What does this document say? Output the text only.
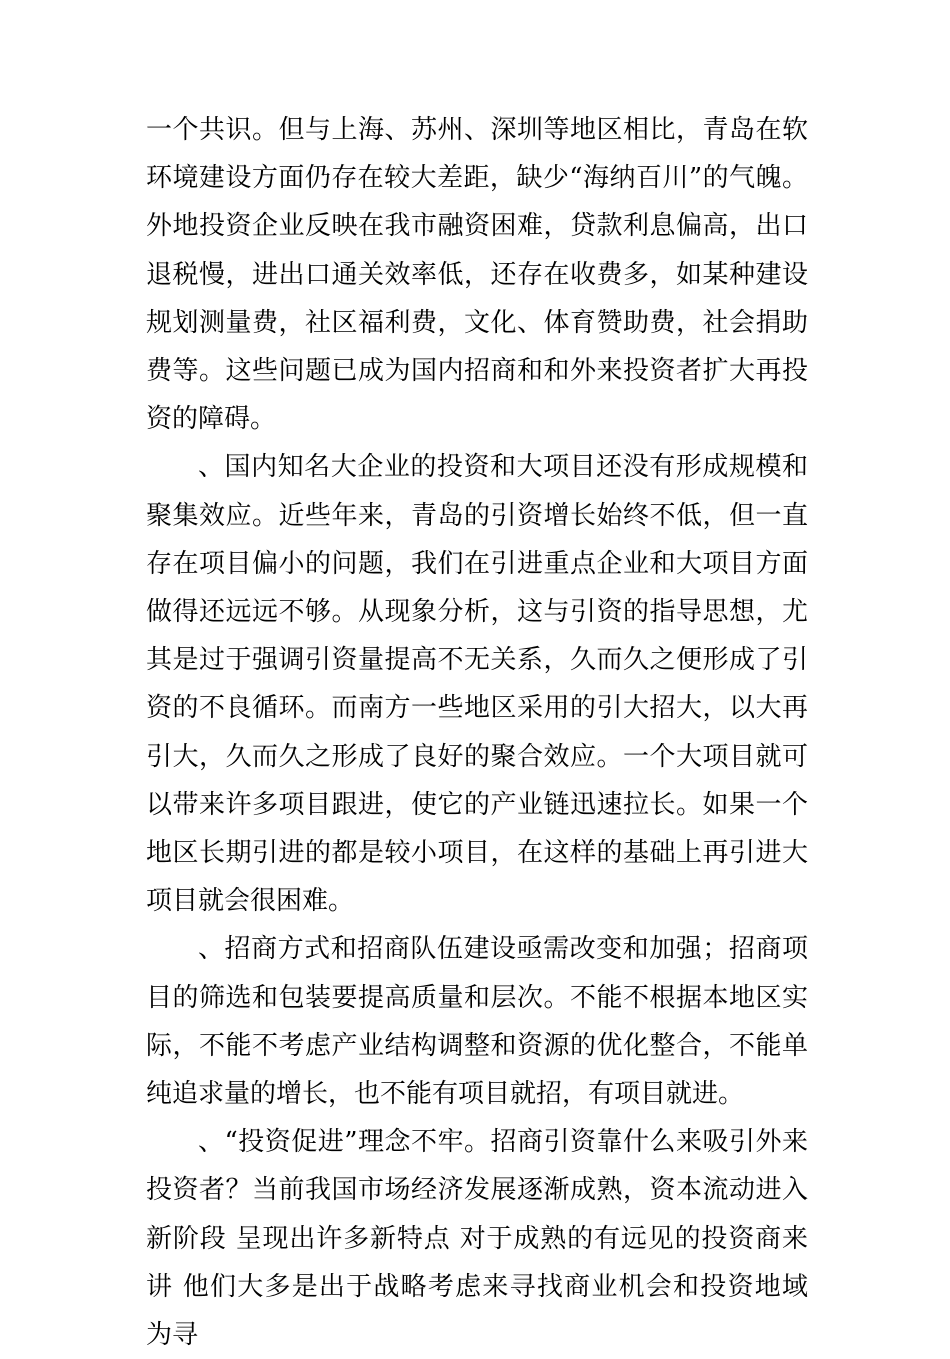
一个共识。但与上海、苏州、深圳等地区相比，青岛在软环境建设方面仍存在较大差距，缺少“海纳百川”的气魄。外地投资企业反映在我市融资困难，贷款利息偏高，出口退税慢，进出口通关效率低，还存在收费多，如某种建设规划测量费，社区福利费，文化、体育赞助费，社会捐助费等。这些问题已成为国内招商和和外来投资者扩大再投资的障碍。

、国内知名大企业的投资和大项目还没有形成规模和聚集效应。近些年来，青岛的引资增长始终不低，但一直存在项目偏小的问题，我们在引进重点企业和大项目方面做得还远远不够。从现象分析，这与引资的指导思想，尤其是过于强调引资量提高不无关系，久而久之便形成了引资的不良循环。而南方一些地区采用的引大招大，以大再引大，久而久之形成了良好的聚合效应。一个大项目就可以带来许多项目跟进，使它的产业链迅速拉长。如果一个地区长期引进的都是较小项目，在这样的基础上再引进大项目就会很困难。

、招商方式和招商队伍建设亟需改变和加强；招商项目的筛选和包装要提高质量和层次。不能不根据本地区实际，不能不考虑产业结构调整和资源的优化整合，不能单纯追求量的增长，也不能有项目就招，有项目就进。

、“投资促进”理念不牢。招商引资靠什么来吸引外来投资者？当前我国市场经济发展逐渐成熟，资本流动进入新阶段 呈现出许多新特点 对于成熟的有远见的投资商来讲 他们大多是出于战略考虑来寻找商业机会和投资地域 为寻
